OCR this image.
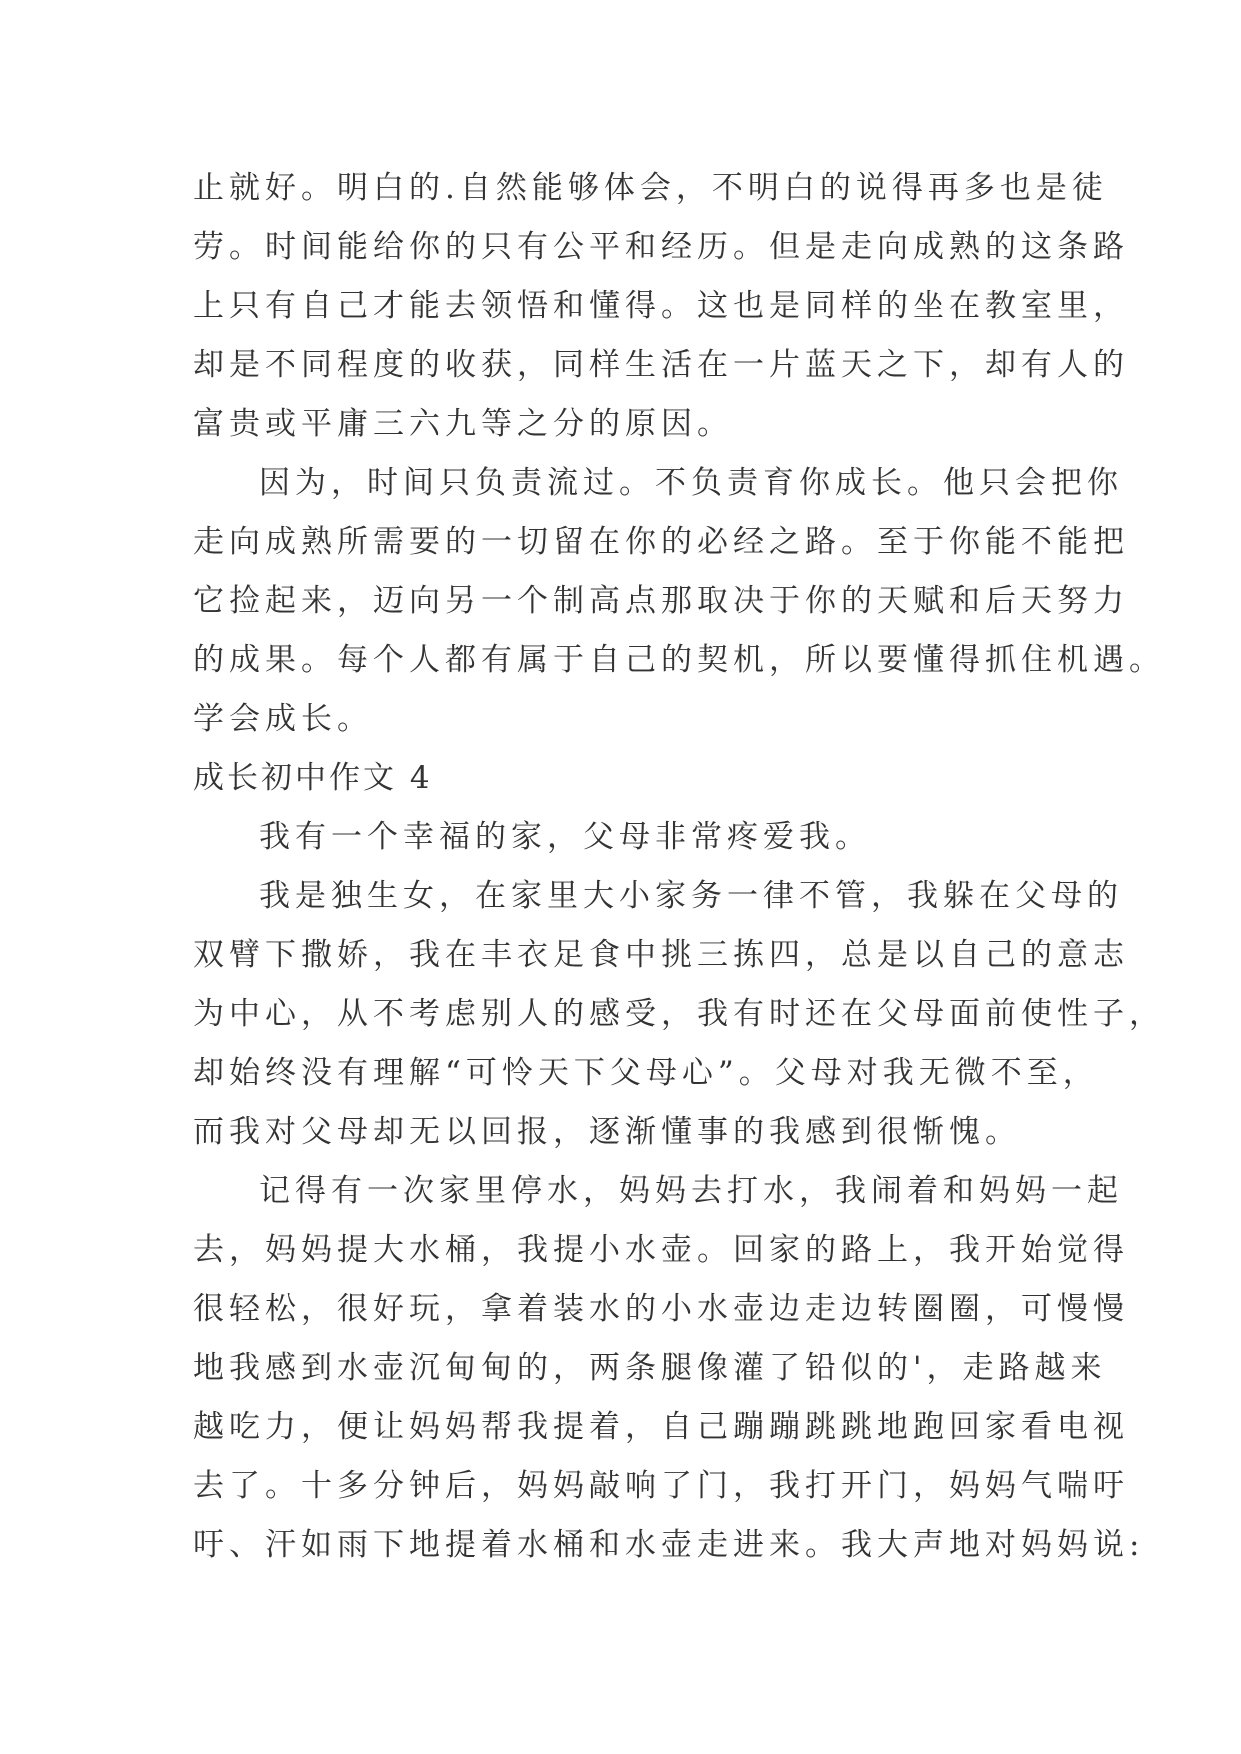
止就好。明白的.自然能够体会，不明白的说得再多也是徒
劳。时间能给你的只有公平和经历。但是走向成熟的这条路
上只有自己才能去领悟和懂得。这也是同样的坐在教室里，
却是不同程度的收获，同样生活在一片蓝天之下，却有人的
富贵或平庸三六九等之分的原因。
因为，时间只负责流过。不负责育你成长。他只会把你
走向成熟所需要的一切留在你的必经之路。至于你能不能把
它捡起来，迈向另一个制高点那取决于你的天赋和后天努力
的成果。每个人都有属于自己的契机，所以要懂得抓住机遇。
学会成长。
成长初中作文 4
我有一个幸福的家，父母非常疼爱我。
我是独生女，在家里大小家务一律不管，我躲在父母的
双臂下撒娇，我在丰衣足食中挑三拣四，总是以自己的意志
为中心，从不考虑别人的感受，我有时还在父母面前使性子，
却始终没有理解“可怜天下父母心”。父母对我无微不至，
而我对父母却无以回报，逐渐懂事的我感到很惭愧。
记得有一次家里停水，妈妈去打水，我闹着和妈妈一起
去，妈妈提大水桶，我提小水壶。回家的路上，我开始觉得
很轻松，很好玩，拿着装水的小水壶边走边转圈圈，可慢慢
地我感到水壶沉甸甸的，两条腿像灌了铅似的'，走路越来
越吃力，便让妈妈帮我提着，自己蹦蹦跳跳地跑回家看电视
去了。十多分钟后，妈妈敲响了门，我打开门，妈妈气喘吁
吁、汗如雨下地提着水桶和水壶走进来。我大声地对妈妈说:
